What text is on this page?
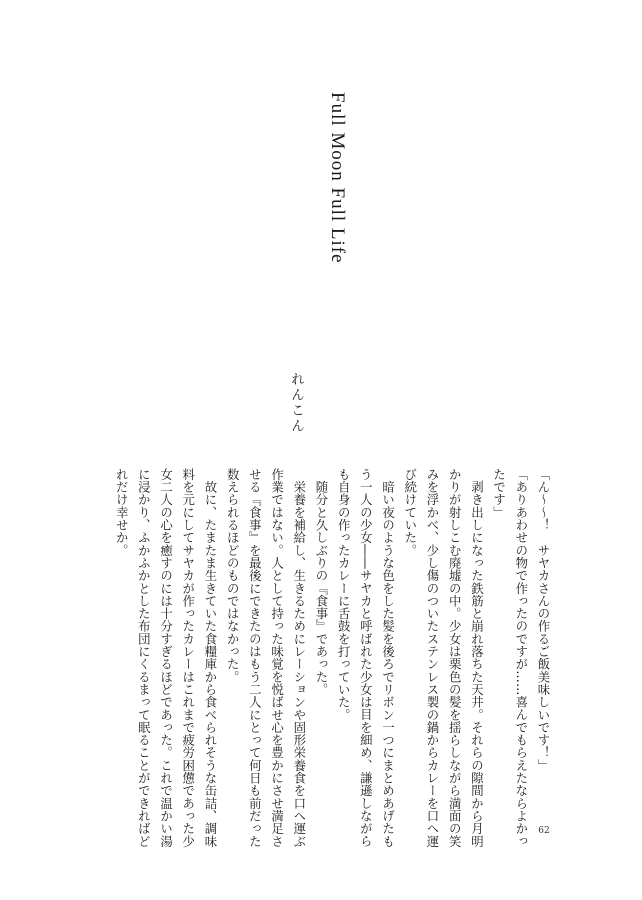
Full Moon Full Life
れんこん

「ん～～！　サヤカさんの作るご飯美味しいです！」

「ありあわせの物で作ったのですが……喜んでもらえたならよかったです」

　剥き出しになった鉄筋と崩れ落ちた天井。それらの隙間から月明かりが射しこむ廃墟の中。少女は栗色の髪を揺らしながら満面の笑みを浮かべ、少し傷のついたステンレス製の鍋からカレーを口へ運び続けていた。

　暗い夜のような色をした髪を後ろでリボン一つにまとめあげたもう一人の少女――サヤカと呼ばれた少女は目を細め、謙遜しながらも自身の作ったカレーに舌鼓を打っていた。

　随分と久しぶりの『食事』であった。

　栄養を補給し、生きるためにレーションや固形栄養食を口へ運ぶ作業ではない。人として持った味覚を悦ばせ心を豊かにさせ満足させる『食事』を最後にできたのはもう二人にとって何日も前だった数えられるほどのものではなかった。

　故に、たまたま生きていた食糧庫から食べられそうな缶詰、調味料を元にしてサヤカが作ったカレーはこれまで疲労困憊であった少女二人の心を癒すのには十分すぎるほどであった。これで温かい湯に浸かり、ふかふかとした布団にくるまって眠ることができればどれだけ幸せか。

62
